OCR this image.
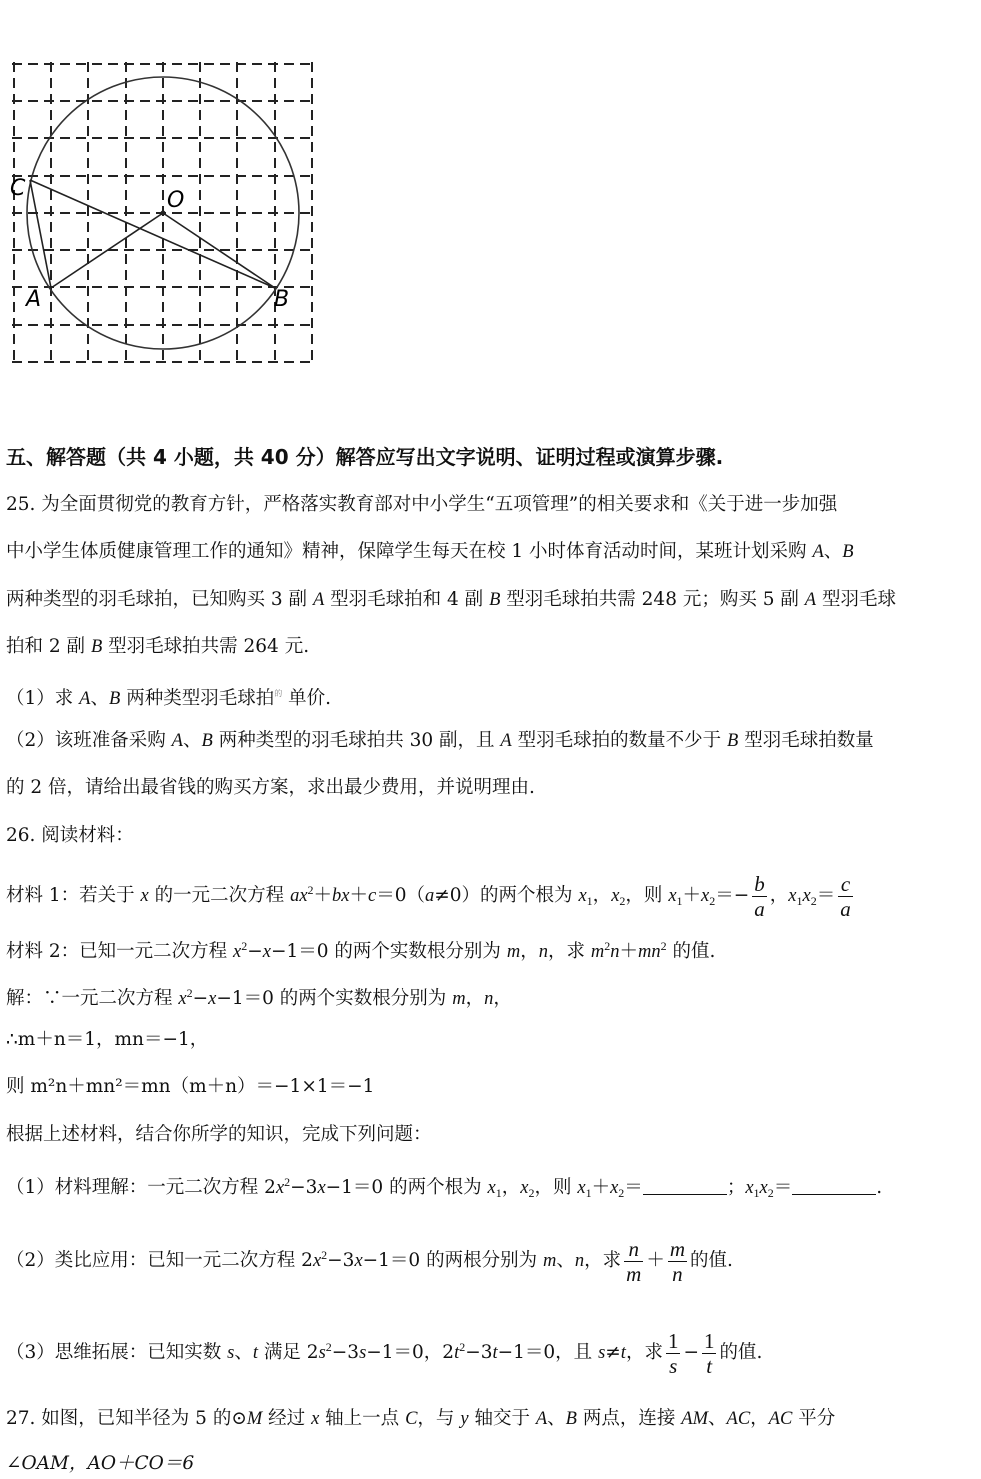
C	O
A	B
五、解答题（共 4 小题，共 40 分）解答应写出文字说明、证明过程或演算步骤.
25. 为全面贯彻党的教育方针，严格落实教育部对中小学生“五项管理”的相关要求和《关于进一步加强
中小学生体质健康管理工作的通知》精神，保障学生每天在校 1 小时体育活动时间，某班计划采购 A、B
两种类型的羽毛球拍，已知购买 3 副 A 型羽毛球拍和 4 副 B 型羽毛球拍共需 248 元；购买 5 副 A 型羽毛球
拍和 2 副 B 型羽毛球拍共需 264 元.
（1）求 A、B 两种类型羽毛球拍$^的$ 单价.
（2）该班准备采购 A、B 两种类型的羽毛球拍共 30 副，且 A 型羽毛球拍的数量不少于 B 型羽毛球拍数量
的 2 倍，请给出最省钱的购买方案，求出最少费用，并说明理由.
26. 阅读材料：
材料 1：若关于 x 的一元二次方程 $ax^2+bx+c=0(a\ne 0)$的两个根为 $x_1$，$x_2$，则 $x_1+x_2=- \frac{b}{a}$ ，$x_1x_2= \frac{c}{a}$
材料 2：已知一元二次方程 $x^2-x-1=0$ 的两个实数根分别为 m，n，求 $m^2n+mn^2$ 的值.
解：∵一元二次方程 $x^2-x-1=0$ 的两个实数根分别为 m，n，
∴m＋n＝1，mn＝−1，
则 m²n＋mn²＝mn（m＋n）＝−1×1＝−1
根据上述材料，结合你所学的知识，完成下列问题：
（1）材料理解：一元二次方程 $2x^2-3x-1=0$ 的两个根为 $x_1$，$x_2$，则 $x_1+x_2=$	；$x_1x_2=$	.
（2）类比应用：已知一元二次方程 $2x^2-3x-1=0$ 的两根分别为 m、n，求 $\frac{n}{m} + \frac{m}{n}$ 的值.
（3）思维拓展：已知实数 s、t 满足 $2s^2-3s-1=0$，$2t^2-3t-1=0$，且 s≠t，求 $\frac{1}{s} - \frac{1}{t}$ 的值.
27. 如图，已知半径为 5 的⊙M 经过 x 轴上一点 C，与 y 轴交于 A、B 两点，连接 AM、AC，AC 平分
∠OAM，AO＋CO＝6
